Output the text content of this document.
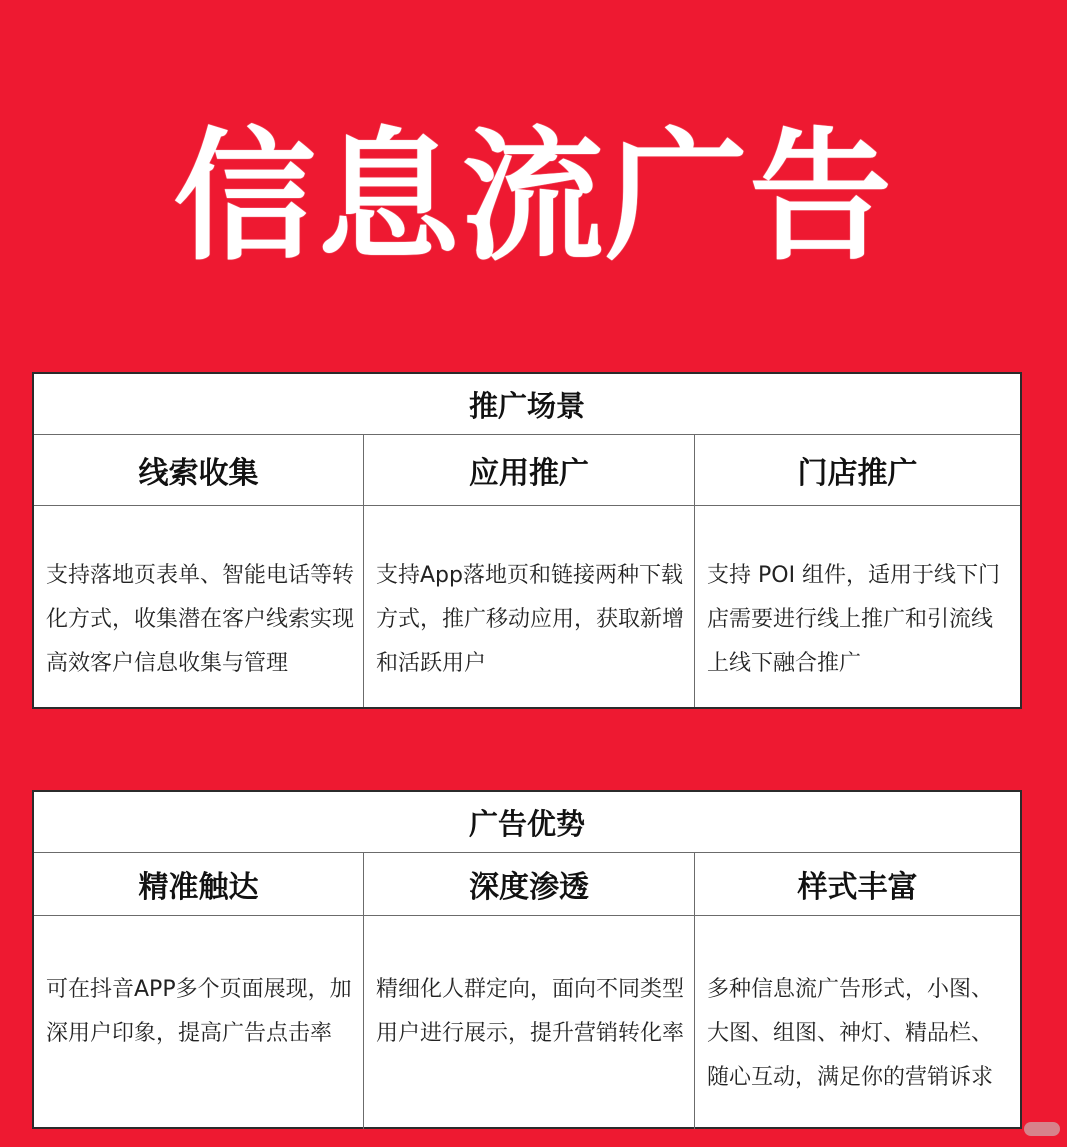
信息流广告
推广场景
线索收集
支持落地页表单、智能电话等转化方式，收集潜在客户线索实现高效客户信息收集与管理
应用推广
支持App落地页和链接两种下载方式，推广移动应用，获取新增和活跃用户
门店推广
支持 POI 组件，适用于线下门店需要进行线上推广和引流线上线下融合推广
广告优势
精准触达
可在抖音APP多个页面展现，加深用户印象，提高广告点击率
深度渗透
精细化人群定向，面向不同类型用户进行展示，提升营销转化率
样式丰富
多种信息流广告形式，小图、大图、组图、神灯、精品栏、随心互动，满足你的营销诉求
